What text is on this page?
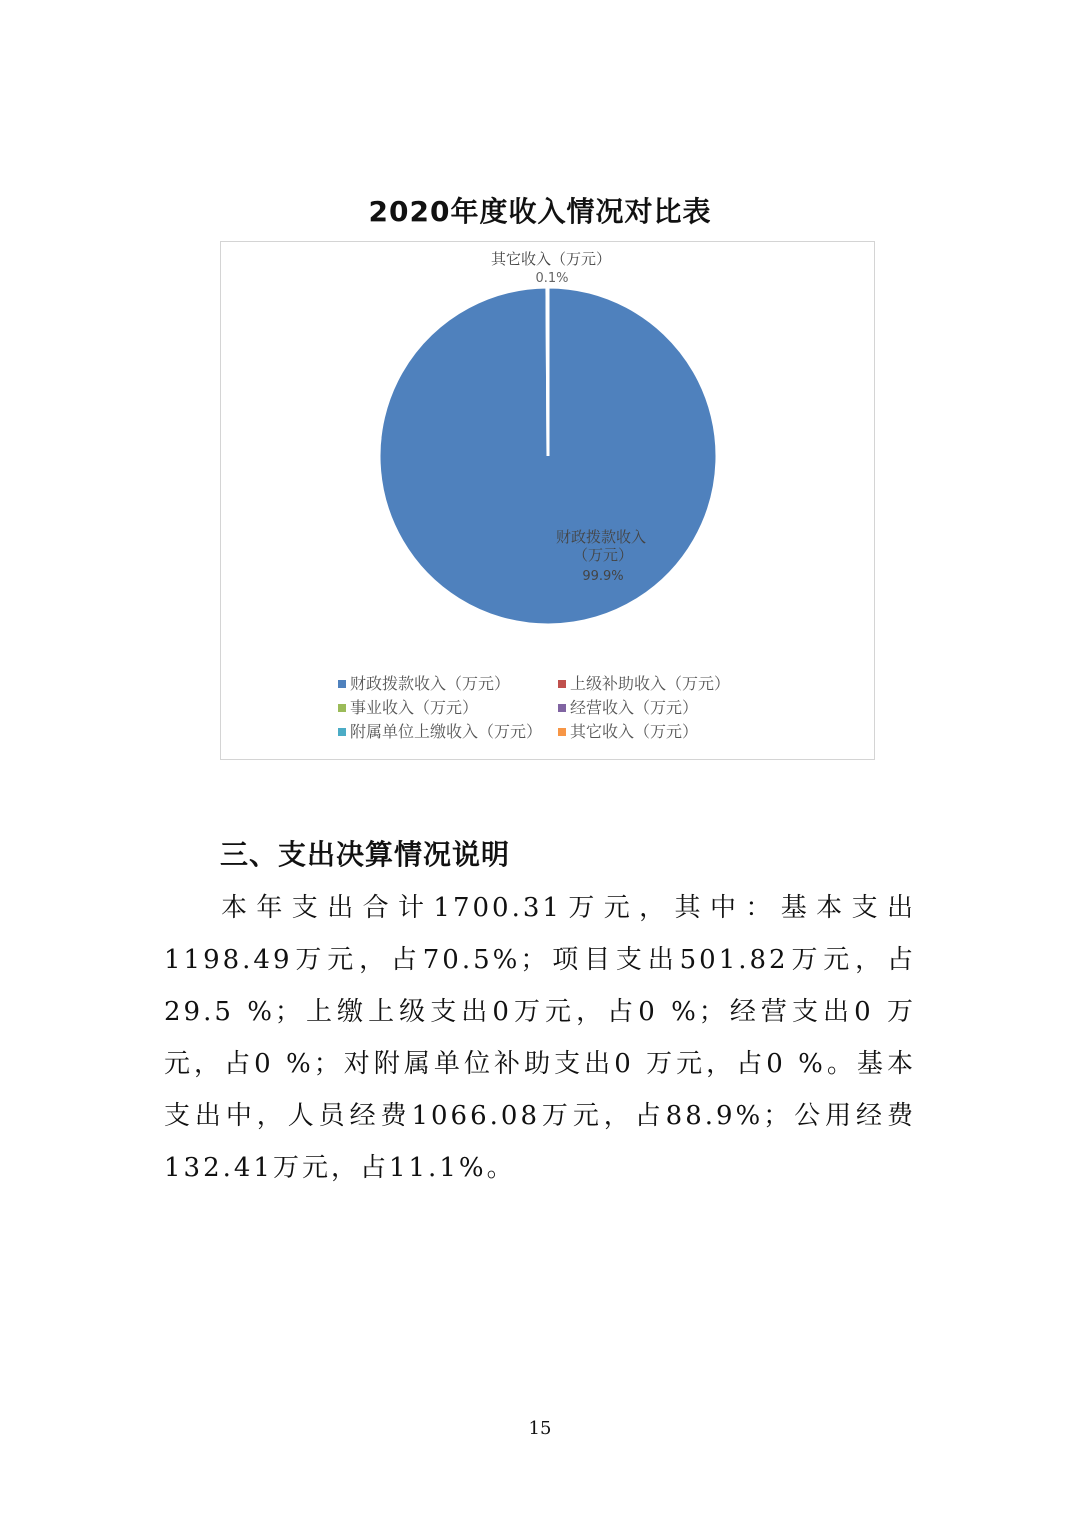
2020年度收入情况对比表
财政拨款收入
（万元）
99.9%
其它收入（万元）
0.1%
财政拨款收入（万元）	上级补助收入（万元）
事业收入（万元）	经营收入（万元）
附属单位上缴收入（万元）	其它收入（万元）
三、支出决算情况说明
本年支出合计1700.31万元，其中：基本支出1198.49万元，占70.5%；项目支出501.82万元，占29.5 %；上缴上级支出0万元，占0 %；经营支出0 万元，占0 %；对附属单位补助支出0 万元，占0 %。基本支出中，人员经费1066.08万元，占88.9%；公用经费132.41万元，占11.1%。
15
